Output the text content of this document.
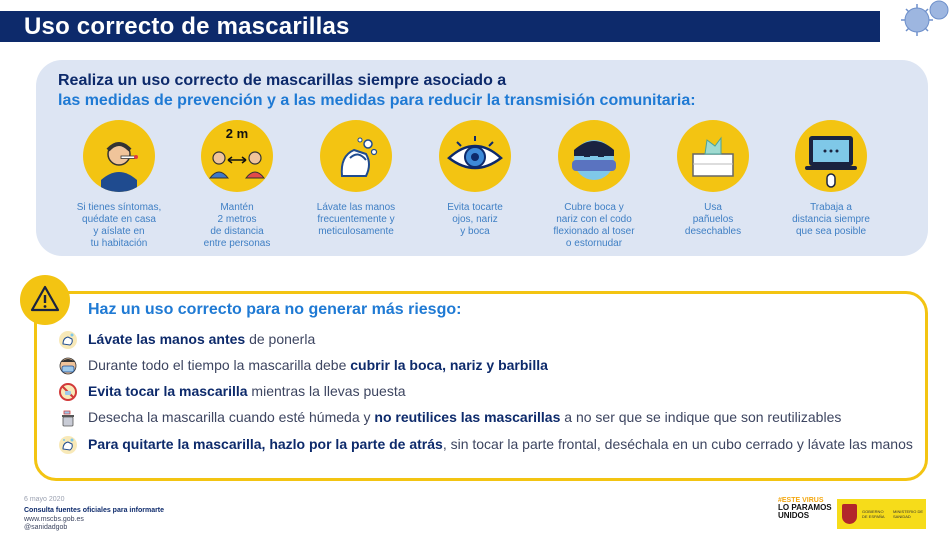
Uso correcto de mascarillas
Realiza un uso correcto de mascarillas siempre asociado a
las medidas de prevención y a las medidas para reducir la transmisión comunitaria:
Si tienes síntomas,
quédate en casa
y aíslate en
tu habitación
2 m
Mantén
2 metros
de distancia
entre personas
Lávate las manos
frecuentemente y
meticulosamente
Evita tocarte
ojos, nariz
y boca
Cubre boca y
nariz con el codo
flexionado al toser
o estornudar
Usa
pañuelos
desechables
Trabaja a
distancia siempre
que sea posible
Haz un uso correcto para no generar más riesgo:
Lávate las manos antes de ponerla
Durante todo el tiempo la mascarilla debe cubrir la boca, nariz y barbilla
Evita tocar la mascarilla mientras la llevas puesta
Desecha la mascarilla cuando esté húmeda y no reutilices las mascarillas a no ser que se indique que son reutilizables
Para quitarte la mascarilla, hazlo por la parte de atrás, sin tocar la parte frontal, deséchala en un cubo cerrado y lávate las manos
6 mayo 2020
Consulta fuentes oficiales para informarte
www.mscbs.gob.es
@sanidadgob
#ESTE VIRUS
LO PARAMOS UNIDOS	GOBIERNO DE ESPAÑA
MINISTERIO DE SANIDAD
